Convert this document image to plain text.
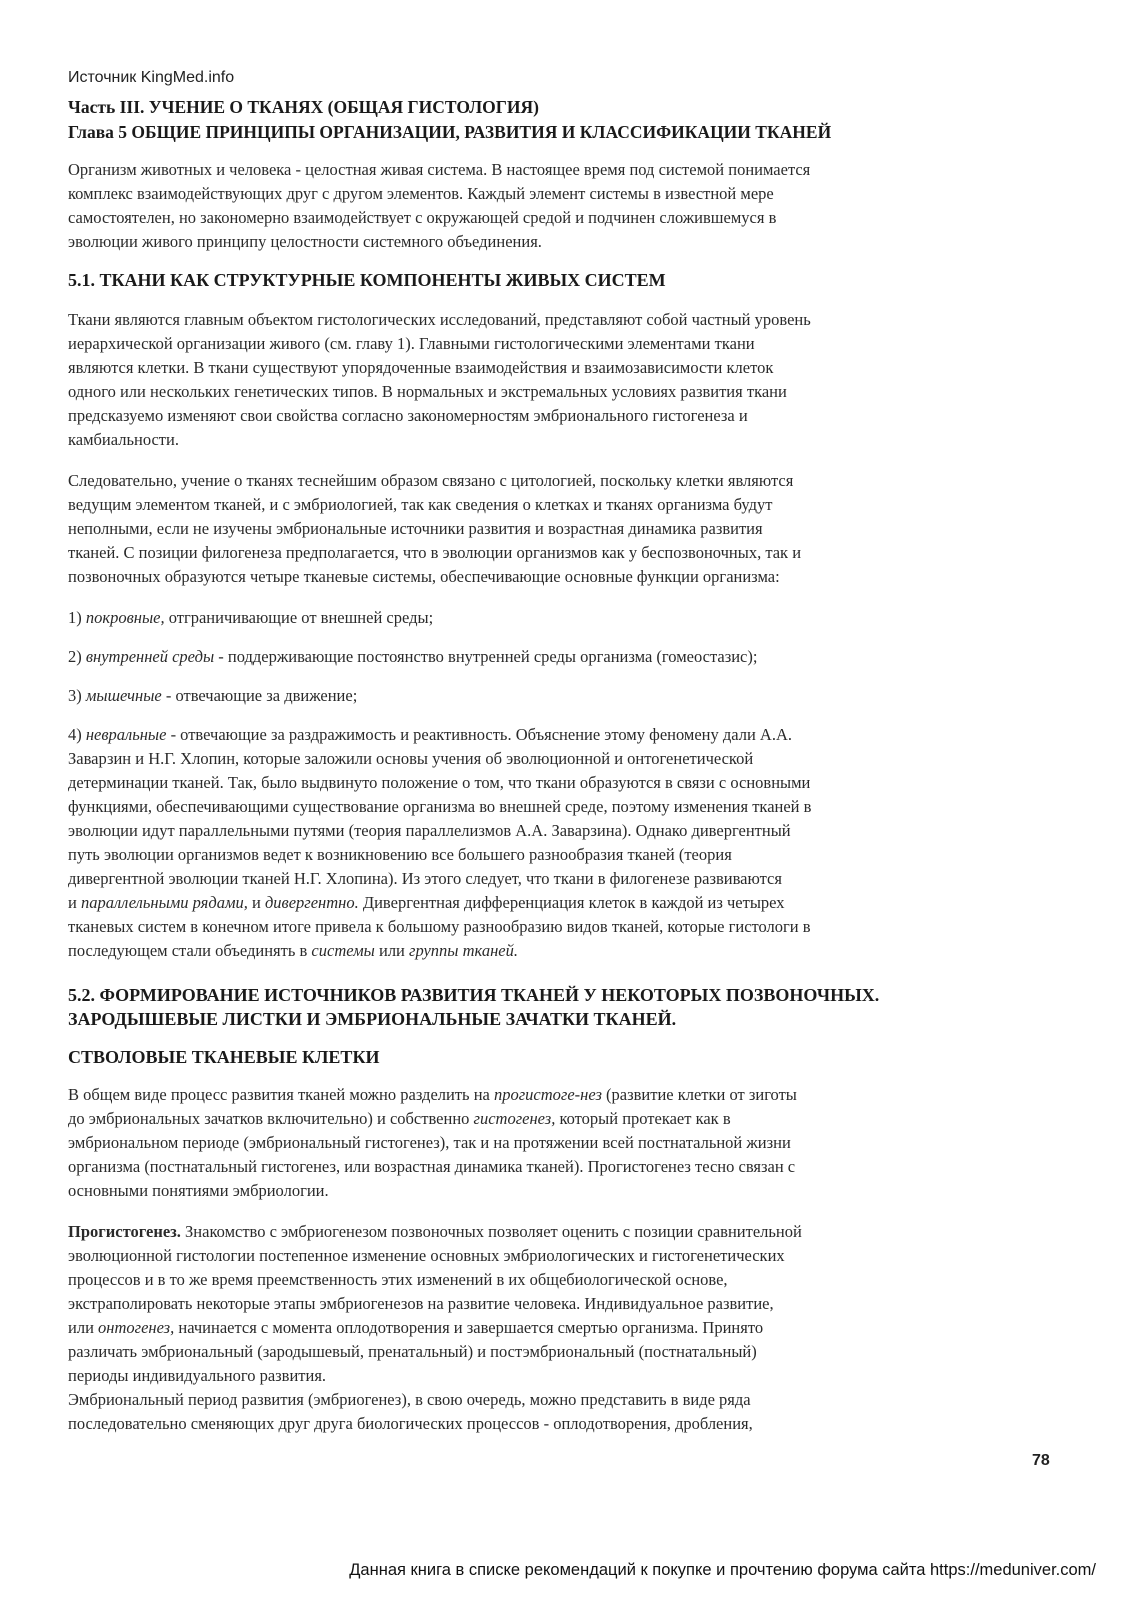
Источник KingMed.info

Часть III. УЧЕНИЕ О ТКАНЯХ (ОБЩАЯ ГИСТОЛОГИЯ)
Глава 5 ОБЩИЕ ПРИНЦИПЫ ОРГАНИЗАЦИИ, РАЗВИТИЯ И КЛАССИФИКАЦИИ ТКАНЕЙ

Организм животных и человека - целостная живая система. В настоящее время под системой понимается
комплекс взаимодействующих друг с другом элементов. Каждый элемент системы в известной мере
самостоятелен, но закономерно взаимодействует с окружающей средой и подчинен сложившемуся в
эволюции живого принципу целостности системного объединения.

5.1. ТКАНИ КАК СТРУКТУРНЫЕ КОМПОНЕНТЫ ЖИВЫХ СИСТЕМ

Ткани являются главным объектом гистологических исследований, представляют собой частный уровень
иерархической организации живого (см. главу 1). Главными гистологическими элементами ткани
являются клетки. В ткани существуют упорядоченные взаимодействия и взаимозависимости клеток
одного или нескольких генетических типов. В нормальных и экстремальных условиях развития ткани
предсказуемо изменяют свои свойства согласно закономерностям эмбрионального гистогенеза и
камбиальности.

Следовательно, учение о тканях теснейшим образом связано с цитологией, поскольку клетки являются
ведущим элементом тканей, и с эмбриологией, так как сведения о клетках и тканях организма будут
неполными, если не изучены эмбриональные источники развития и возрастная динамика развития
тканей. С позиции филогенеза предполагается, что в эволюции организмов как у беспозвоночных, так и
позвоночных образуются четыре тканевые системы, обеспечивающие основные функции организма:

1) покровные, отграничивающие от внешней среды;

2) внутренней среды - поддерживающие постоянство внутренней среды организма (гомеостазис);

3) мышечные - отвечающие за движение;

4) невральные - отвечающие за раздражимость и реактивность. Объяснение этому феномену дали А.А.
Заварзин и Н.Г. Хлопин, которые заложили основы учения об эволюционной и онтогенетической
детерминации тканей. Так, было выдвинуто положение о том, что ткани образуются в связи с основными
функциями, обеспечивающими существование организма во внешней среде, поэтому изменения тканей в
эволюции идут параллельными путями (теория параллелизмов А.А. Заварзина). Однако дивергентный
путь эволюции организмов ведет к возникновению все большего разнообразия тканей (теория
дивергентной эволюции тканей Н.Г. Хлопина). Из этого следует, что ткани в филогенезе развиваются
и параллельными рядами, и дивергентно. Дивергентная дифференциация клеток в каждой из четырех
тканевых систем в конечном итоге привела к большому разнообразию видов тканей, которые гистологи в
последующем стали объединять в системы или группы тканей.

5.2. ФОРМИРОВАНИЕ ИСТОЧНИКОВ РАЗВИТИЯ ТКАНЕЙ У НЕКОТОРЫХ ПОЗВОНОЧНЫХ.
ЗАРОДЫШЕВЫЕ ЛИСТКИ И ЭМБРИОНАЛЬНЫЕ ЗАЧАТКИ ТКАНЕЙ.
СТВОЛОВЫЕ ТКАНЕВЫЕ КЛЕТКИ

В общем виде процесс развития тканей можно разделить на прогистоге-нез (развитие клетки от зиготы
до эмбриональных зачатков включительно) и собственно гистогенез, который протекает как в
эмбриональном периоде (эмбриональный гистогенез), так и на протяжении всей постнатальной жизни
организма (постнатальный гистогенез, или возрастная динамика тканей). Прогистогенез тесно связан с
основными понятиями эмбриологии.

Прогистогенез. Знакомство с эмбриогенезом позвоночных позволяет оценить с позиции сравнительной
эволюционной гистологии постепенное изменение основных эмбриологических и гистогенетических
процессов и в то же время преемственность этих изменений в их общебиологической основе,
экстраполировать некоторые этапы эмбриогенезов на развитие человека. Индивидуальное развитие,
или онтогенез, начинается с момента оплодотворения и завершается смертью организма. Принято
различать эмбриональный (зародышевый, пренатальный) и постэмбриональный (постнатальный)
периоды индивидуального развития.
Эмбриональный период развития (эмбриогенез), в свою очередь, можно представить в виде ряда
последовательно сменяющих друг друга биологических процессов - оплодотворения, дробления,

78

Данная книга в списке рекомендаций к покупке и прочтению форума сайта https://meduniver.com/
